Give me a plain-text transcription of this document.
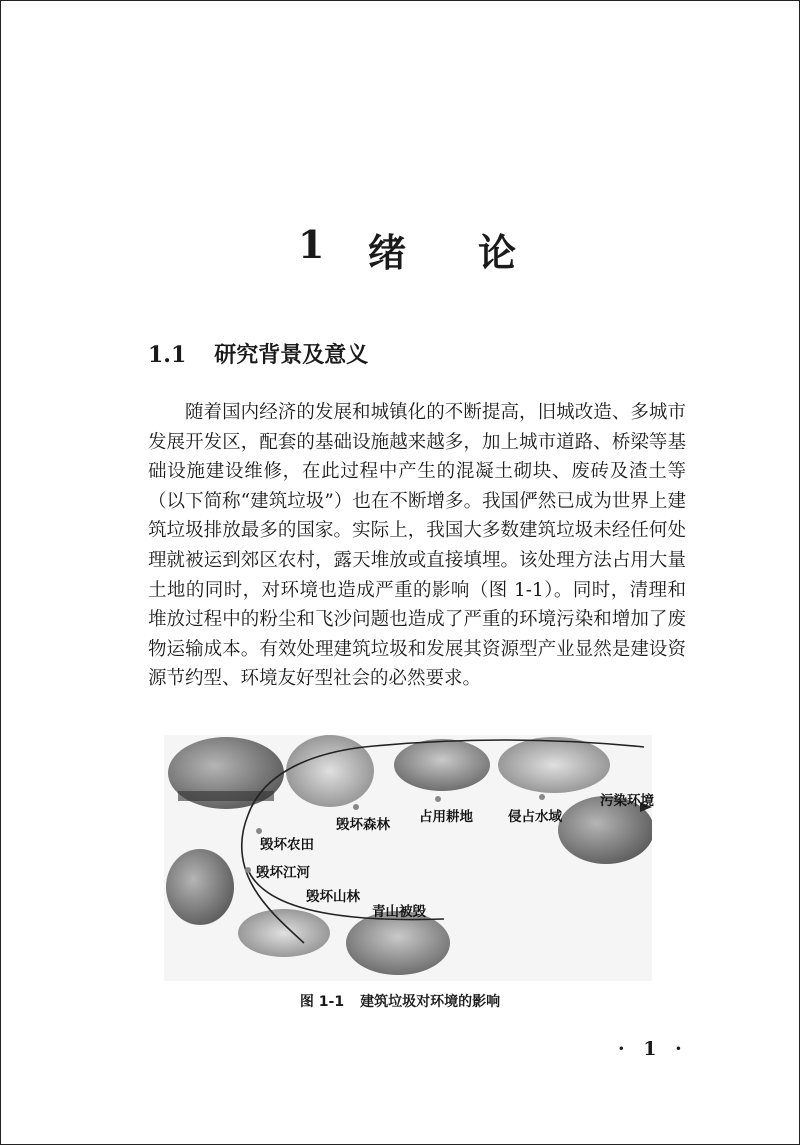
1 绪 论
1.1 研究背景及意义
随着国内经济的发展和城镇化的不断提高，旧城改造、多城市发展开发区，配套的基础设施越来越多，加上城市道路、桥梁等基础设施建设维修，在此过程中产生的混凝土砌块、废砖及渣土等（以下简称“建筑垃圾”）也在不断增多。我国俨然已成为世界上建筑垃圾排放最多的国家。实际上，我国大多数建筑垃圾未经任何处理就被运到郊区农村，露天堆放或直接填埋。该处理方法占用大量土地的同时，对环境也造成严重的影响（图 1-1）。同时，清理和堆放过程中的粉尘和飞沙问题也造成了严重的环境污染和增加了废物运输成本。有效处理建筑垃圾和发展其资源型产业显然是建设资源节约型、环境友好型社会的必然要求。
污染环境
侵占水域
占用耕地
毁坏森林
毁坏农田
毁坏江河
毁坏山林
青山被毁
图 1-1 建筑垃圾对环境的影响
· 1 ·
